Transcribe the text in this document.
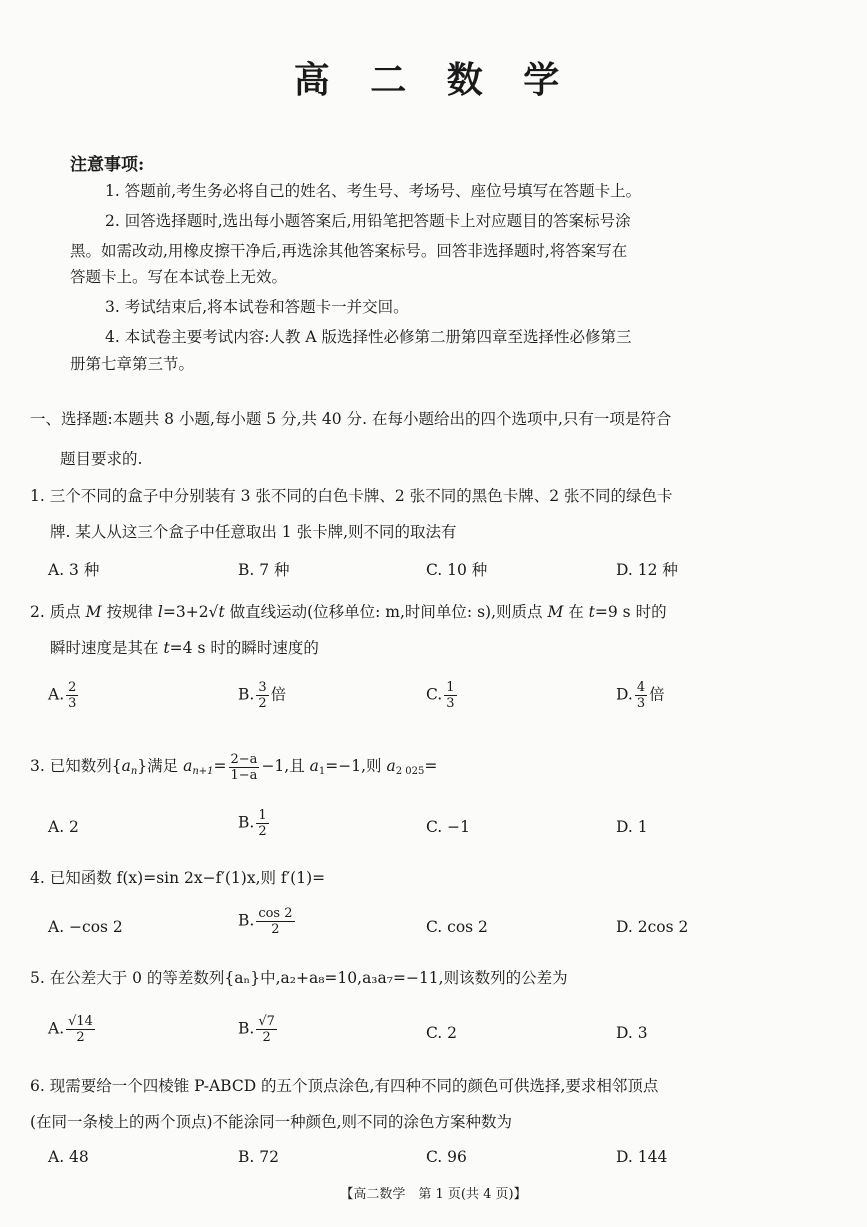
高 二 数 学
注意事项:
1. 答题前,考生务必将自己的姓名、考生号、考场号、座位号填写在答题卡上。
2. 回答选择题时,选出每小题答案后,用铅笔把答题卡上对应题目的答案标号涂
黑。如需改动,用橡皮擦干净后,再选涂其他答案标号。回答非选择题时,将答案写在
答题卡上。写在本试卷上无效。
3. 考试结束后,将本试卷和答题卡一并交回。
4. 本试卷主要考试内容:人教 A 版选择性必修第二册第四章至选择性必修第三
册第七章第三节。
一、选择题:本题共 8 小题,每小题 5 分,共 40 分. 在每小题给出的四个选项中,只有一项是符合
题目要求的.
1. 三个不同的盒子中分别装有 3 张不同的白色卡牌、2 张不同的黑色卡牌、2 张不同的绿色卡
牌. 某人从这三个盒子中任意取出 1 张卡牌,则不同的取法有
A. 3 种	B. 7 种	C. 10 种	D. 12 种
2. 质点 M 按规律 l=3+2√t 做直线运动(位移单位: m,时间单位: s),则质点 M 在 t=9 s 时的
瞬时速度是其在 t=4 s 时的瞬时速度的
A. $\frac{2}{3}$	B. $\frac{3}{2}$ 倍	C. $\frac{1}{3}$	D. $\frac{4}{3}$ 倍
3. 已知数列$\{a_n\}$满足 $a_{n+1}= \frac{2-a}{1-a} -1$,且 $a_1=-1$,则 $a_{2 025}=$
A. 2	B. $\frac{1}{2}$	C. −1	D. 1
4. 已知函数 f(x)=sin 2x−f′(1)x,则 f′(1)=
A. −cos 2	B. $\frac{\cos 2}{2}$	C. cos 2	D. 2cos 2
5. 在公差大于 0 的等差数列{aₙ}中,a₂+a₈=10,a₃a₇=−11,则该数列的公差为
A. $\frac{√14}{2}$	B. $\frac{√7}{2}$	C. 2	D. 3
6. 现需要给一个四棱锥 P-ABCD 的五个顶点涂色,有四种不同的颜色可供选择,要求相邻顶点
(在同一条棱上的两个顶点)不能涂同一种颜色,则不同的涂色方案种数为
A. 48	B. 72	C. 96	D. 144
【高二数学　第 1 页(共 4 页)】
